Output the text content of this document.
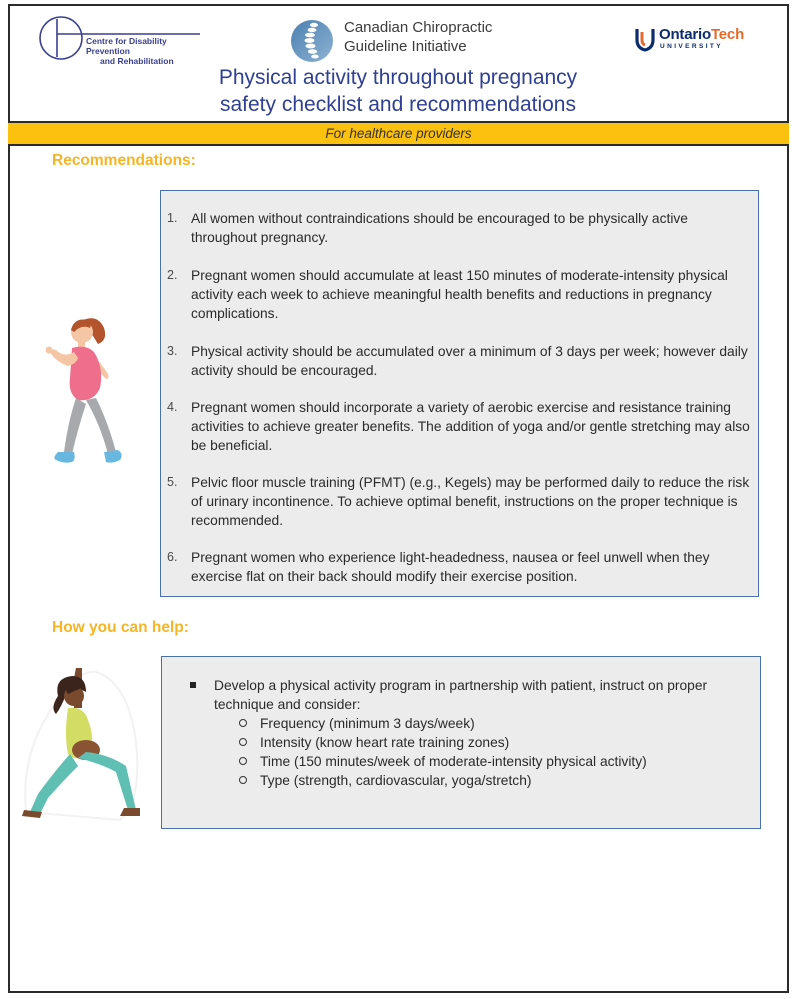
Centre for Disability Prevention
and Rehabilitation
Canadian Chiropractic
Guideline Initiative
OntarioTech
UNIVERSITY
Physical activity throughout pregnancy
safety checklist and recommendations
For healthcare providers
Recommendations:
1. All women without contraindications should be encouraged to be physically active throughout pregnancy.
2. Pregnant women should accumulate at least 150 minutes of moderate-intensity physical activity each week to achieve meaningful health benefits and reductions in pregnancy complications.
3. Physical activity should be accumulated over a minimum of 3 days per week; however daily activity should be encouraged.
4. Pregnant women should incorporate a variety of aerobic exercise and resistance training activities to achieve greater benefits. The addition of yoga and/or gentle stretching may also be beneficial.
5. Pelvic floor muscle training (PFMT) (e.g., Kegels) may be performed daily to reduce the risk of urinary incontinence. To achieve optimal benefit, instructions on the proper technique is recommended.
6. Pregnant women who experience light-headedness, nausea or feel unwell when they exercise flat on their back should modify their exercise position.
How you can help:
Develop a physical activity program in partnership with patient, instruct on proper technique and consider:
Frequency (minimum 3 days/week)
Intensity (know heart rate training zones)
Time (150 minutes/week of moderate-intensity physical activity)
Type (strength, cardiovascular, yoga/stretch)
